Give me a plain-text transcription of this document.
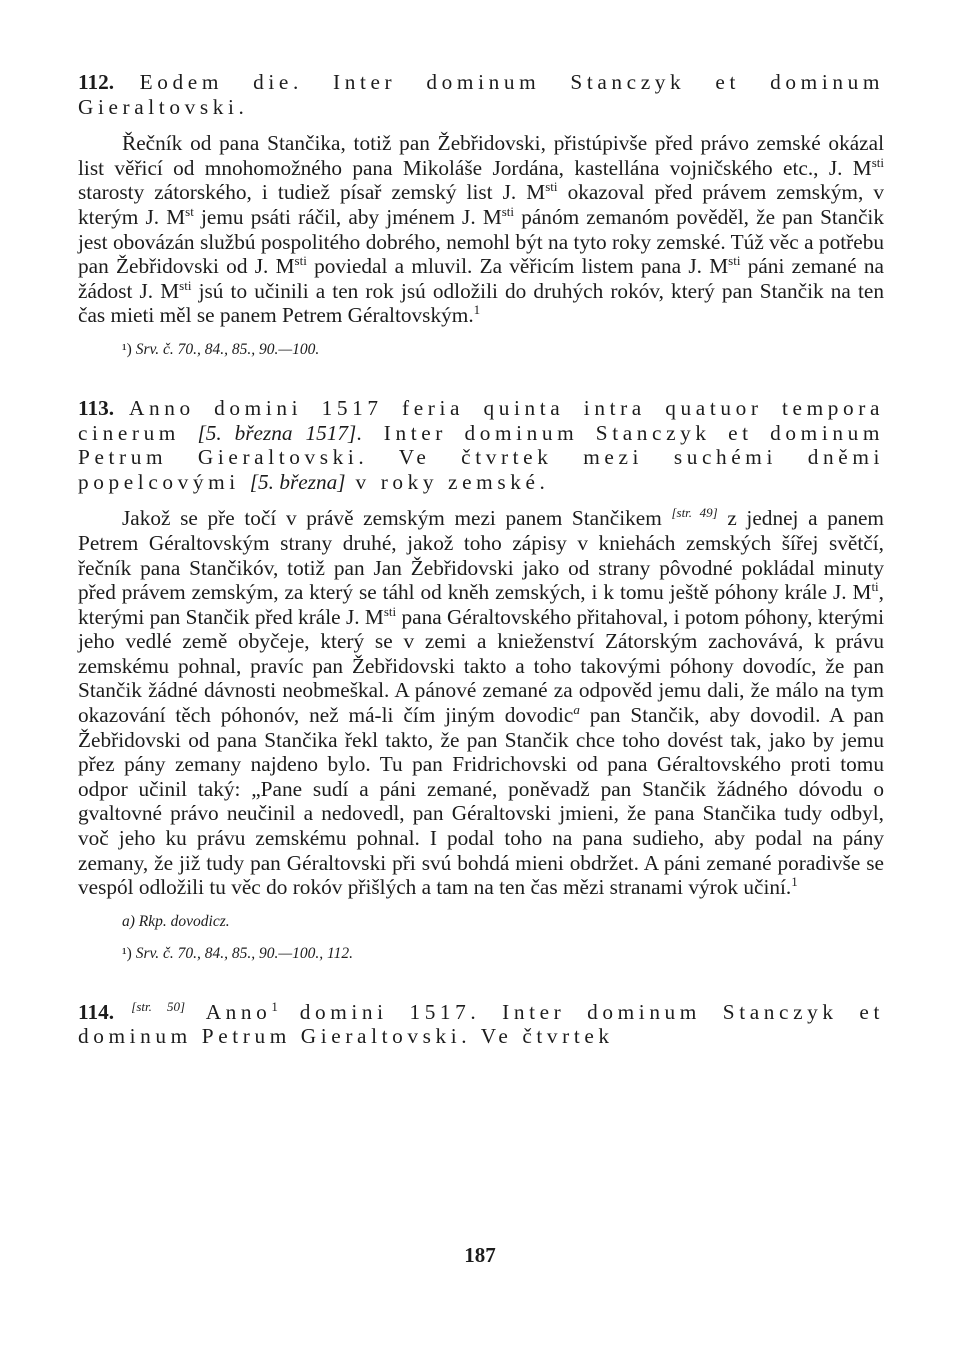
112. Eodem die. Inter dominum Stanczyk et dominum Gieraltovski.

Řečník od pana Stančika, totiž pan Žebřidovski, přistúpivše před právo zemské okázal list věřicí od mnohomožného pana Mikoláše Jordána, kastellána vojničského etc., J. $M^{sti}$ starosty zátorského, i tudiež písař zemský list J. $M^{sti}$ okazoval před právem zemským, v kterým J. Mst jemu psáti ráčil, aby jménem J. $M^{sti}$ pánóm zemanóm pověděl, že pan Stančik jest obovázán službú pospolitého dobrého, nemohl být na tyto roky zemské. Túž věc a potřebu pan Žebřidovski od J. $M^{sti}$ poviedal a mluvil. Za věřicím listem pana J. $M^{sti}$ páni zemané na žádost J. $M^{sti}$ jsú to učinili a ten rok jsú odložili do druhých rokóv, který pan Stančik na ten čas mieti měl se panem Petrem Géraltovským.$^1$

¹) Srv. č. 70., 84., 85., 90.—100.

113. Anno domini 1517 feria quinta intra quatuor tempora cinerum [5. března 1517]. Inter dominum Stanczyk et dominum Petrum Gieraltovski. Ve čtvrtek mezi suchémi dněmi popelcovými [5. března] v roky zemské.

Jakož se pře točí v právě zemským mezi panem Stančikem [str. 49] z jednej a panem Petrem Géraltovským strany druhé, jakož toho zápisy v kniehách zemských šířej světčí, řečník pana Stančikóv, totiž pan Jan Žebřidovski jako od strany pôvodné pokládal minuty před právem zemským, za který se táhl od kněh zemských, i k tomu ještě póhony krále J. $M^{ti}$, kterými pan Stančik před krále J. $M^{sti}$ pana Géraltovského přitahoval, i potom póhony, kterými jeho vedlé země obyčeje, který se v zemi a knieženství Zátorským zachovává, k právu zemskému pohnal, pravíc pan Žebřidovski takto a toho takovými póhony dovodíc, že pan Stančik žádné dávnosti neobmeškal. A pánové zemané za odpověd jemu dali, že málo na tym okazování těch póhonóv, než má-li čím jiným dovodic$^a$ pan Stančik, aby dovodil. A pan Žebřidovski od pana Stančika řekl takto, že pan Stančik chce toho dovést tak, jako by jemu přez pány zemany najdeno bylo. Tu pan Fridrichovski od pana Géraltovského proti tomu odpor učinil taký: „Pane sudí a páni zemané, poněvadž pan Stančik žádného dóvodu o gvaltovné právo neučinil a nedovedl, pan Géraltovski jmieni, že pana Stančika tudy odbyl, voč jeho ku právu zemskému pohnal. I podal toho na pana sudieho, aby podal na pány zemany, že již tudy pan Géraltovski při svú bohdá mieni obdržet. A páni zemané poradivše se vespól odložili tu věc do rokóv přišlých a tam na ten čas mězi stranami výrok učiní.$^1$

a) Rkp. dovodicz.

¹) Srv. č. 70., 84., 85., 90.—100., 112.

114. [str. 50] Anno$^1$ domini 1517. Inter dominum Stanczyk et dominum Petrum Gieraltovski. Ve čtvrtek

187
